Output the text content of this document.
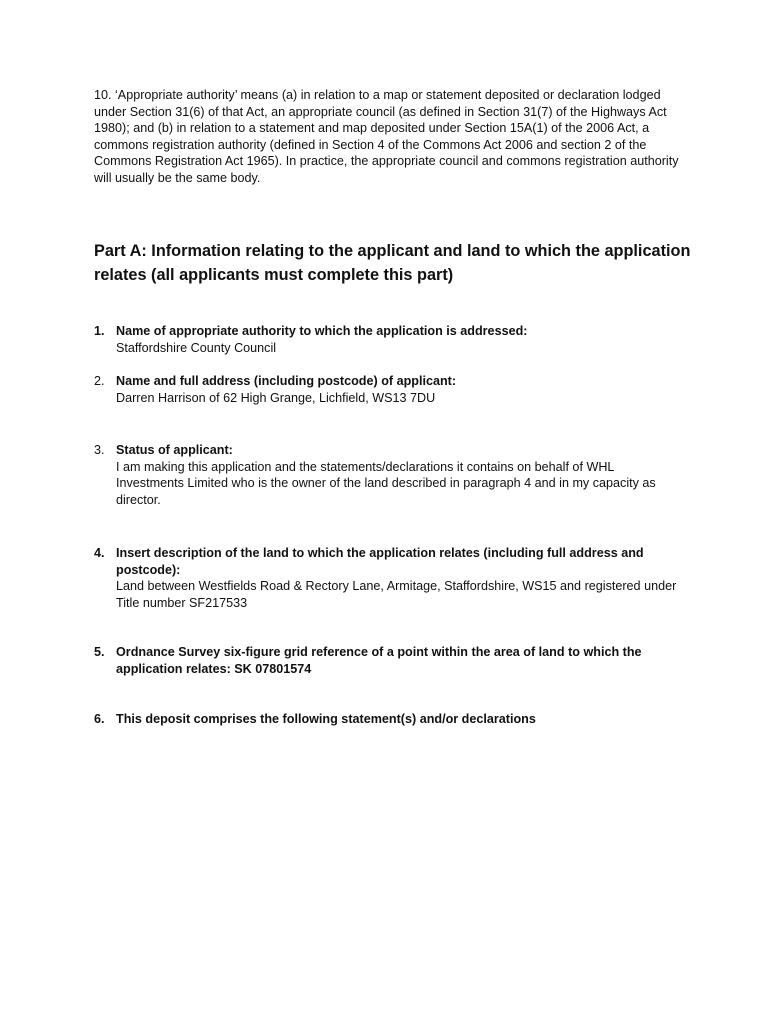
10. ‘Appropriate authority’ means (a) in relation to a map or statement deposited or declaration lodged under Section 31(6) of that Act, an appropriate council (as defined in Section 31(7) of the Highways Act 1980); and (b) in relation to a statement and map deposited under Section 15A(1) of the 2006 Act, a commons registration authority (defined in Section 4 of the Commons Act 2006 and section 2 of the Commons Registration Act 1965). In practice, the appropriate council and commons registration authority will usually be the same body.

Part A: Information relating to the applicant and land to which the application relates (all applicants must complete this part)
1. Name of appropriate authority to which the application is addressed:
Staffordshire County Council
2. Name and full address (including postcode) of applicant:
Darren Harrison of 62 High Grange, Lichfield, WS13 7DU
3. Status of applicant:
I am making this application and the statements/declarations it contains on behalf of WHL Investments Limited who is the owner of the land described in paragraph 4 and in my capacity as director.
4. Insert description of the land to which the application relates (including full address and postcode):
Land between Westfields Road & Rectory Lane, Armitage, Staffordshire, WS15 and registered under Title number SF217533
5. Ordnance Survey six-figure grid reference of a point within the area of land to which the application relates: SK 07801574
6. This deposit comprises the following statement(s) and/or declarations
